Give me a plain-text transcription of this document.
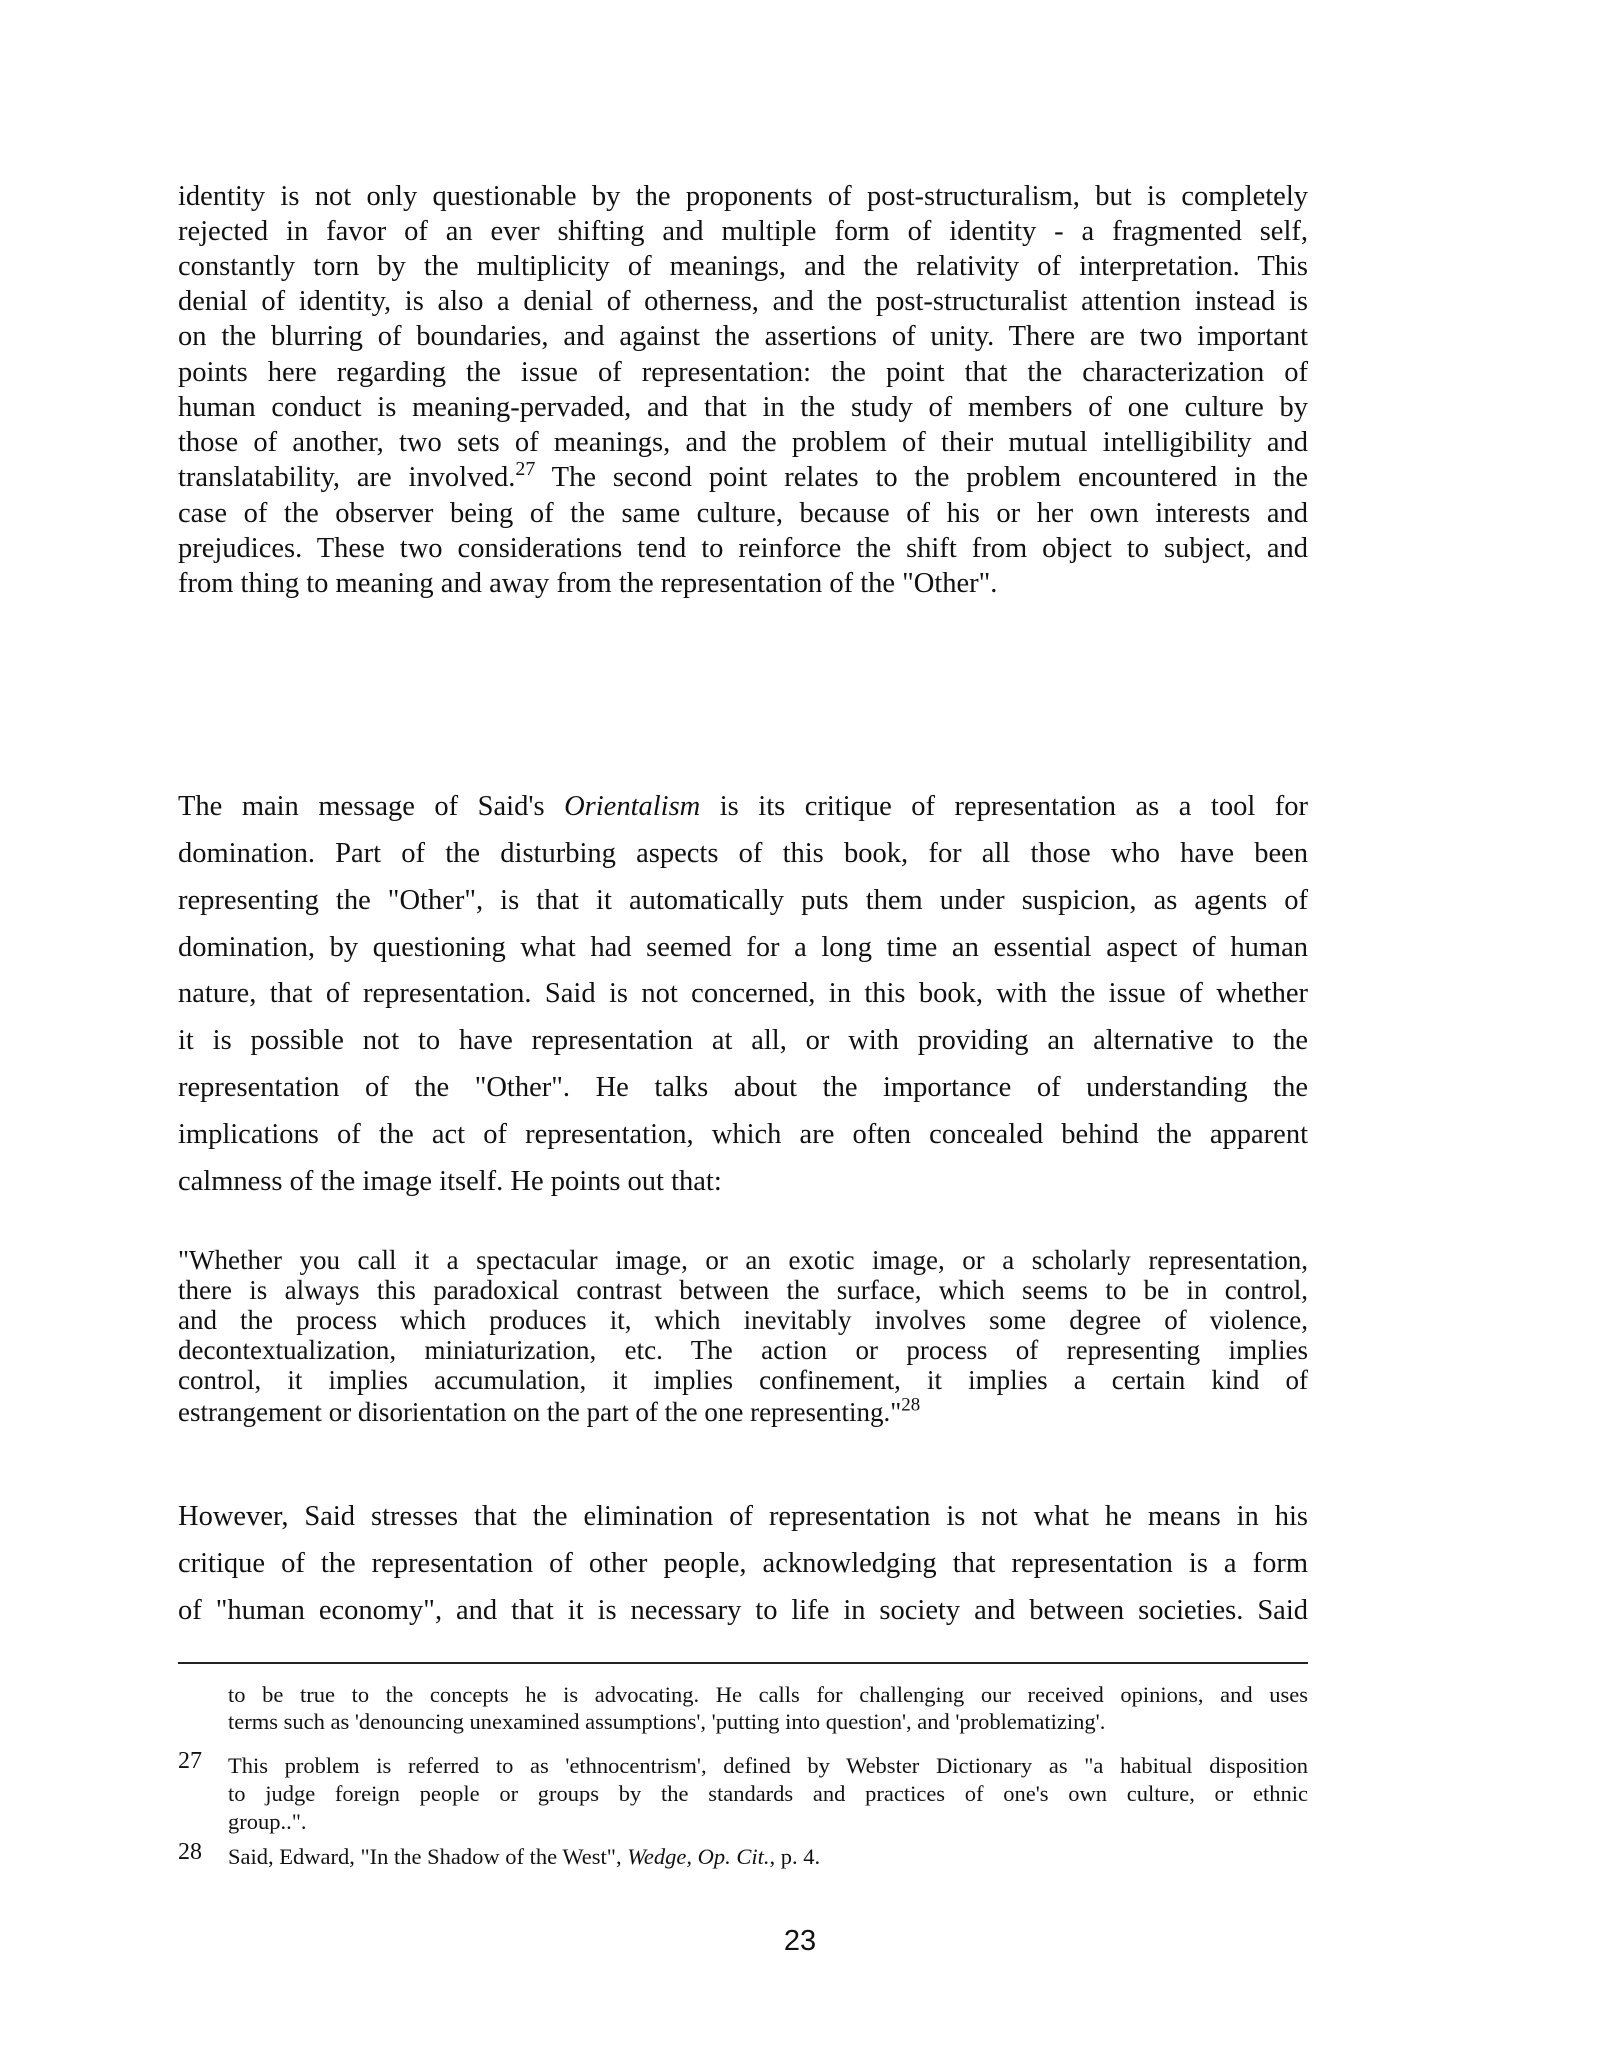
identity is not only questionable by the proponents of post-structuralism, but is completely
rejected in favor of an ever shifting and multiple form of identity - a fragmented self,
constantly torn by the multiplicity of meanings, and the relativity of interpretation. This
denial of identity, is also a denial of otherness, and the post-structuralist attention instead is
on the blurring of boundaries, and against the assertions of unity. There are two important
points here regarding the issue of representation: the point that the characterization of
human conduct is meaning-pervaded, and that in the study of members of one culture by
those of another, two sets of meanings, and the problem of their mutual intelligibility and
translatability, are involved.$^{27}$ The second point relates to the problem encountered in the
case of the observer being of the same culture, because of his or her own interests and
prejudices. These two considerations tend to reinforce the shift from object to subject, and
from thing to meaning and away from the representation of the "Other".
The main message of Said's Orientalism is its critique of representation as a tool for
domination. Part of the disturbing aspects of this book, for all those who have been
representing the "Other", is that it automatically puts them under suspicion, as agents of
domination, by questioning what had seemed for a long time an essential aspect of human
nature, that of representation. Said is not concerned, in this book, with the issue of whether
it is possible not to have representation at all, or with providing an alternative to the
representation of the "Other". He talks about the importance of understanding the
implications of the act of representation, which are often concealed behind the apparent
calmness of the image itself. He points out that:
"Whether you call it a spectacular image, or an exotic image, or a scholarly representation,
there is always this paradoxical contrast between the surface, which seems to be in control,
and the process which produces it, which inevitably involves some degree of violence,
decontextualization, miniaturization, etc. The action or process of representing implies
control, it implies accumulation, it implies confinement, it implies a certain kind of
estrangement or disorientation on the part of the one representing."$^{28}$
However, Said stresses that the elimination of representation is not what he means in his
critique of the representation of other people, acknowledging that representation is a form
of "human economy", and that it is necessary to life in society and between societies. Said
to be true to the concepts he is advocating. He calls for challenging our received opinions, and uses
terms such as 'denouncing unexamined assumptions', 'putting into question', and 'problematizing'.
27 This problem is referred to as 'ethnocentrism', defined by Webster Dictionary as "a habitual disposition
to judge foreign people or groups by the standards and practices of one's own culture, or ethnic
group..".
28 Said, Edward, "In the Shadow of the West", Wedge, Op. Cit., p. 4.
23
